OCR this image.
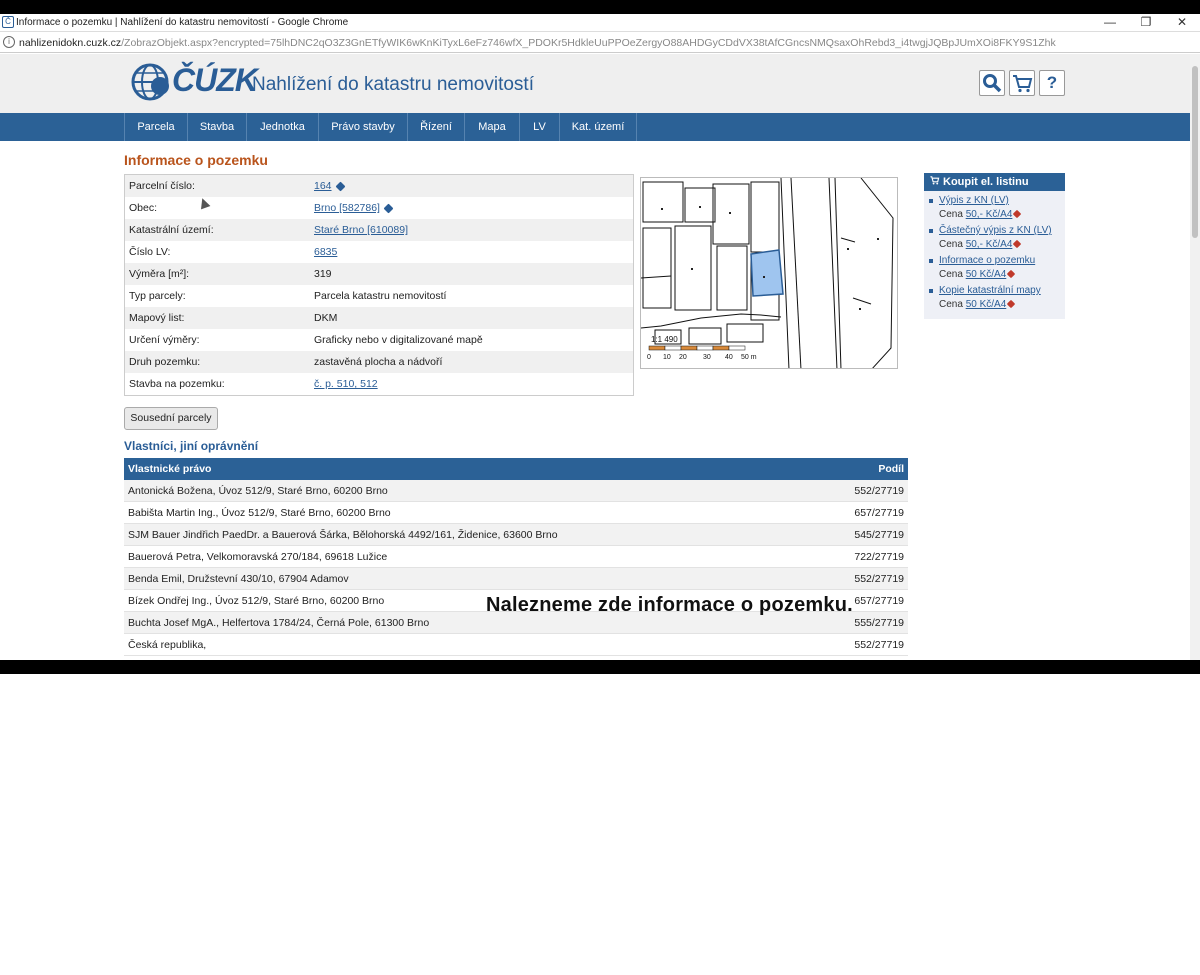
Č Informace o pozemku | Nahlížení do katastru nemovitostí - Google Chrome	—	❐	✕
i nahlizenidokn.cuzk.cz/ZobrazObjekt.aspx?encrypted=75lhDNC2qO3Z3GnETfyWIK6wKnKiTyxL6eFz746wfX_PDOKr5HdkleUuPPOeZergyO88AHDGyCDdVX38tAfCGncsNMQsaxOhRebd3_i4twgjJQBpJUmXOi8FKY9S1Zhk
ČÚZK
Nahlížení do katastru nemovitostí	?
Parcela	Stavba	Jednotka	Právo stavby	Řízení	Mapa	LV	Kat. území
Informace o pozemku
Parcelní číslo:	164
Obec:	Brno [582786]
Katastrální území:	Staré Brno [610089]
Číslo LV:	6835
Výměra [m²]:	319
Typ parcely:	Parcela katastru nemovitostí
Mapový list:	DKM
Určení výměry:	Graficky nebo v digitalizované mapě
Druh pozemku:	zastavěná plocha a nádvoří
Stavba na pozemku:	č. p. 510, 512
1:1 490
0 10 20 30 40 50 m
Sousední parcely
Vlastníci, jiní oprávnění
Vlastnické právo	Podíl
Antonická Božena, Úvoz 512/9, Staré Brno, 60200 Brno	552/27719
Babišta Martin Ing., Úvoz 512/9, Staré Brno, 60200 Brno	657/27719
SJM Bauer Jindřich PaedDr. a Bauerová Šárka, Bělohorská 4492/161, Židenice, 63600 Brno	545/27719
Bauerová Petra, Velkomoravská 270/184, 69618 Lužice	722/27719
Benda Emil, Družstevní 430/10, 67904 Adamov	552/27719
Bízek Ondřej Ing., Úvoz 512/9, Staré Brno, 60200 Brno	657/27719
Buchta Josef MgA., Helfertova 1784/24, Černá Pole, 61300 Brno	555/27719
Česká republika,	552/27719
Koupit el. listinu
Výpis z KN (LV)
Cena 50,- Kč/A4
Částečný výpis z KN (LV)
Cena 50,- Kč/A4
Informace o pozemku
Cena 50 Kč/A4
Kopie katastrální mapy
Cena 50 Kč/A4
Nalezneme zde informace o pozemku.
